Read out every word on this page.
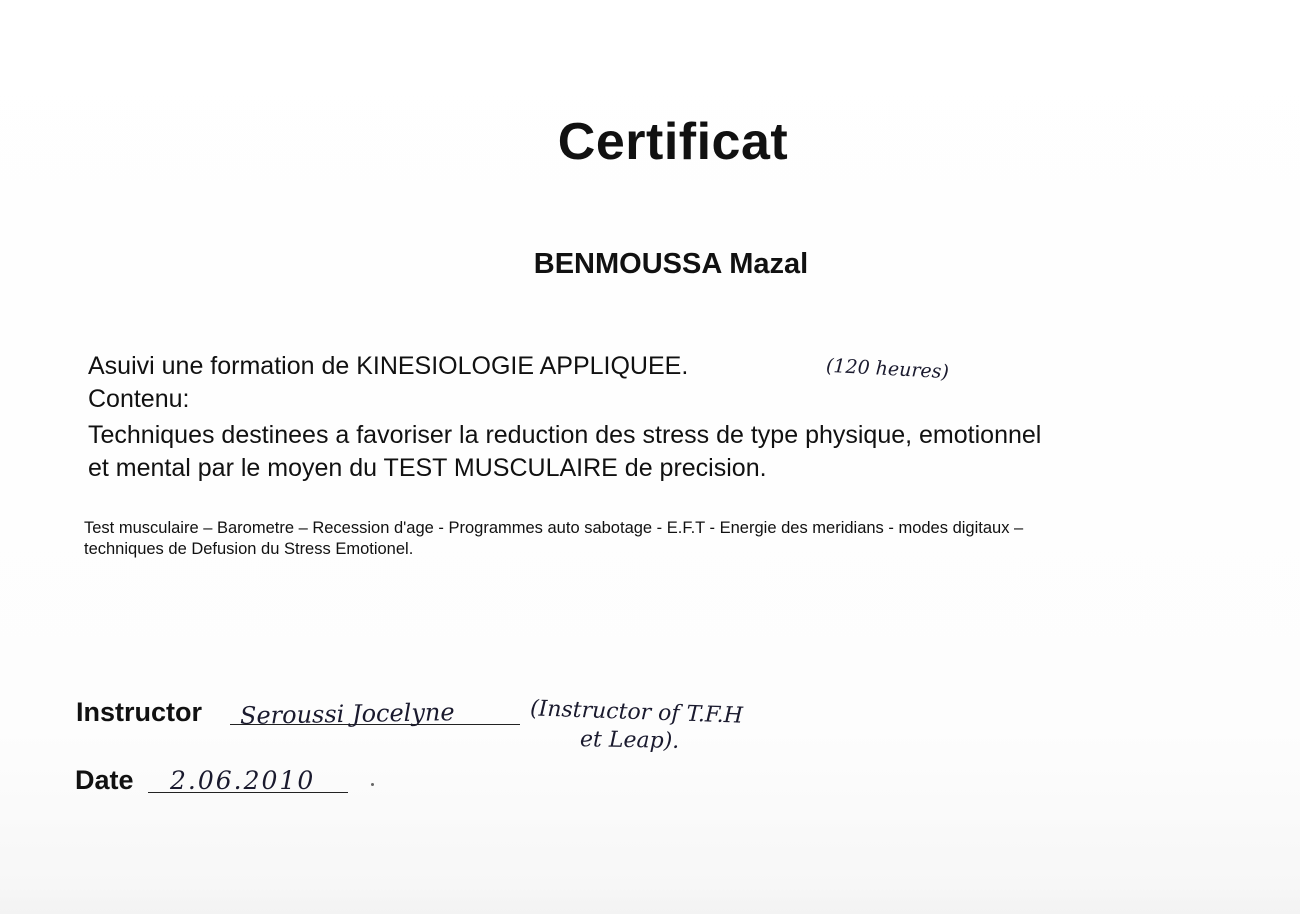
Certificat
BENMOUSSA Mazal
Asuivi une formation de KINESIOLOGIE APPLIQUEE.	(120 heures)
Contenu:
Techniques destinees a favoriser la reduction des stress de type physique, emotionnel
et mental par le moyen du TEST MUSCULAIRE de precision.
Test musculaire – Barometre – Recession d'age - Programmes auto sabotage - E.F.T - Energie des meridians - modes digitaux –
techniques de Defusion du Stress Emotionel.
Instructor Seroussi Jocelyne	(Instructor of T.F.H
et Leap).
Date 2.06.2010
